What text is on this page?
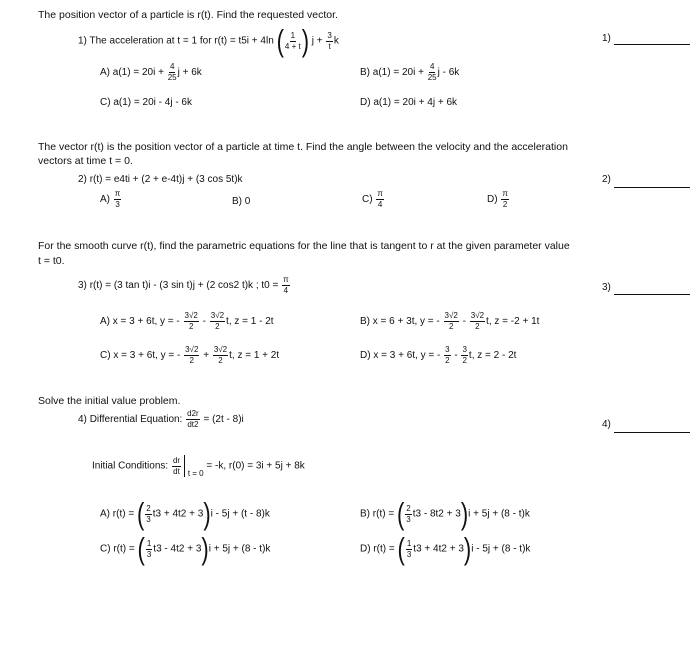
The position vector of a particle is r(t). Find the requested vector.
1) The acceleration at t = 1 for r(t) = t5i + 4ln ( $\frac{1}{4 + t}$ ) $j + \frac{3}{t}$ k	1)
A) $a(1) = 20i + \frac{4}{25}$ j + 6k	B) $a(1) = 20i + \frac{4}{25}$ j - 6k
C) a(1) = 20i - 4j - 6k	D) a(1) = 20i + 4j + 6k
The vector r(t) is the position vector of a particle at time t. Find the angle between the velocity and the acceleration
vectors at time t = 0.
2) r(t) = e4ti + (2 + e-4t)j + (3 cos 5t)k	2)
$A) \frac{\pi}{3}$	B) 0	$C) \frac{\pi}{4}$	$D) \frac{\pi}{2}$
For the smooth curve r(t), find the parametric equations for the line that is tangent to r at the given parameter value
t = t0.
3) r(t) = (3 tan t)i - (3 sin t)j + (2 cos2 t)k ; $t0 = \frac{\pi}{4}$	3)
A) x = 3 + 6t, y = - $\frac{3√2}{2} - \frac{3√2}{2} t$, z = 1 - 2t	B) x = 6 + 3t, y = - $\frac{3√2}{2} - \frac{3√2}{2} t$, z = -2 + 1t
C) x = 3 + 6t, y = - $\frac{3√2}{2} + \frac{3√2}{2} t$, z = 1 + 2t	D) x = 3 + 6t, y = - $\frac{3}{2} - \frac{3}{2} t$, z = 2 - 2t
Solve the initial value problem.
4) Differential Equation: $\frac{d2r}{dt2} = (2t - 8)i$	4)
Initial Conditions: $\frac{dr}{dt} _{t = 0} = -k$, r(0) = 3i + 5j + 8k
A) r(t) = ( $\frac{2}{3} t3 + 4t2 + 3)i - 5j + (t - 8)k$	B) r(t) = ( $\frac{2}{3} t3 - 8t2 + 3)i + 5j + (8 - t)k$
C) r(t) = ( $\frac{1}{3} t3 - 4t2 + 3)i + 5j + (8 - t)k$	D) r(t) = ( $\frac{1}{3} t3 + 4t2 + 3)i - 5j + (8 - t)k$
